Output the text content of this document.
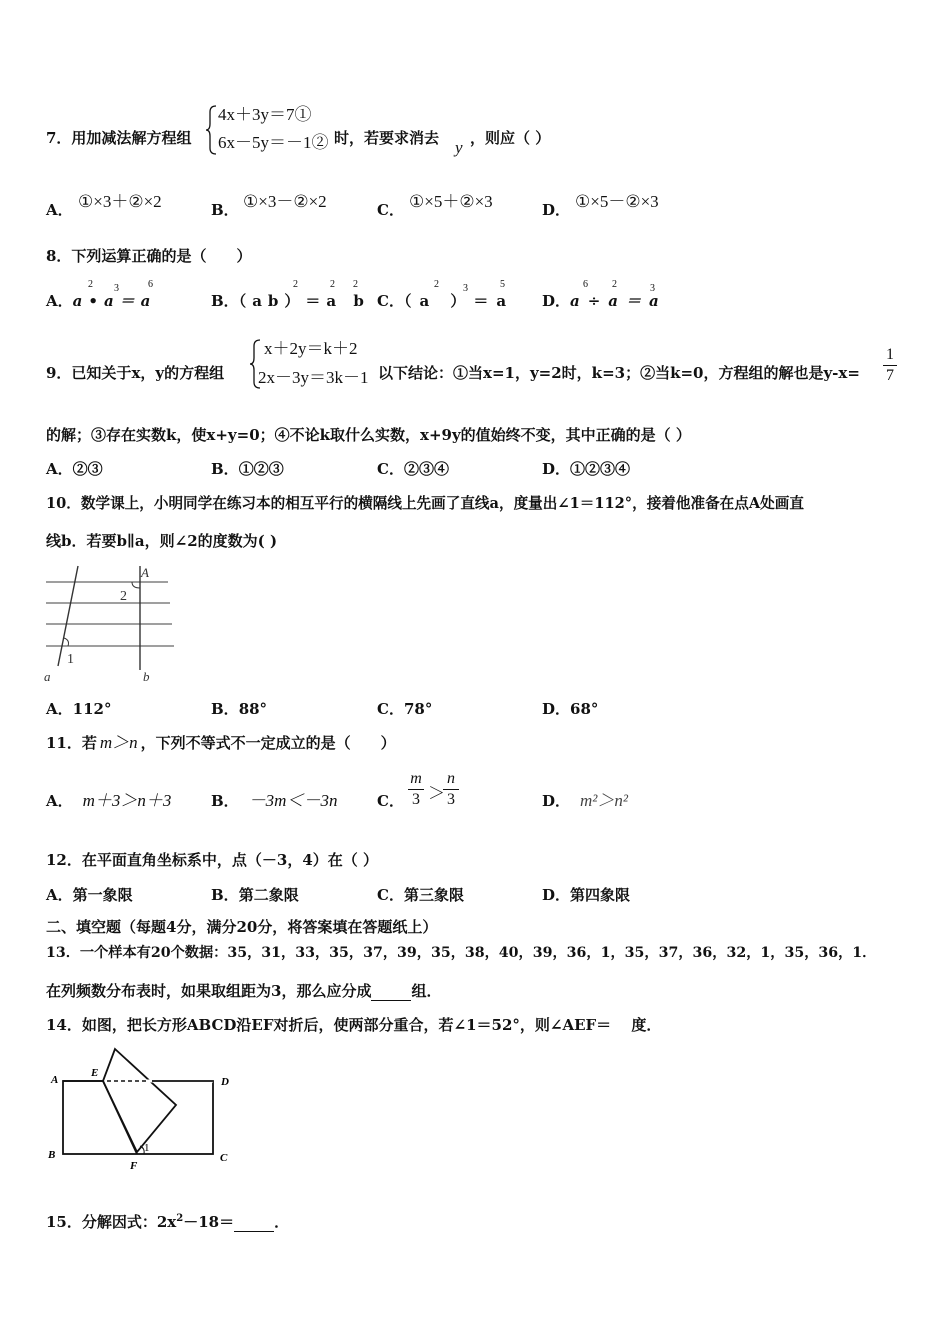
7．用加减法解方程组
4x＋3y＝7①
6x－5y＝－1② 时，若要求消去 y ，则应（ ）
A． ①×3＋②×2	B． ①×3－②×2	C． ①×5＋②×3	D． ①×5－②×3
8．下列运算正确的是（　　）
A．a•a＝a
2 3	6
B．（ab）＝a b
2	2 2
C．（a ）＝a
2 3	5
D．a÷a＝a
6 2	3
9．已知关于x，y的方程组
x＋2y＝k＋2
2x－3y＝3k－1 以下结论：①当x=1，y=2时，k=3；②当k=0，方程组的解也是$y-x= \frac{1}{7}$
的解；③存在实数k，使x+y=0；④不论k取什么实数，x+9y的值始终不变，其中正确的是（ ）
A．②③	B．①②③	C．②③④	D．①②③④
10．数学课上，小明同学在练习本的相互平行的横隔线上先画了直线a，度量出∠1＝112°，接着他准备在点A处画直
线b．若要b∥a，则∠2的度数为( )
A
2
1
a	b
A．112°	B．88°	C．78°	D．68°
11．若 m＞n ，下列不等式不一定成立的是（　　）
A． m＋3＞n＋3	B． －3m＜－3n	C． $\frac{m}{3}$ ＞
$\frac{n}{3}$	D． m²＞n²
12．在平面直角坐标系中，点（－3，4）在（ ）
A．第一象限	B．第二象限	C．第三象限	D．第四象限
二、填空题（每题4分，满分20分，将答案填在答题纸上）
13．一个样本有20个数据：35，31，33，35，37，39，35，38，40，39，36，1，35，37，36，32，1，35，36，1．
在列频数分布表时，如果取组距为3，那么应分成	组．
14．如图，把长方形ABCD沿EF对折后，使两部分重合，若∠1＝52°，则∠AEF＝　 度．
A
E
D
B
F
C
1
15．分解因式：$2x^2-18=$	．
